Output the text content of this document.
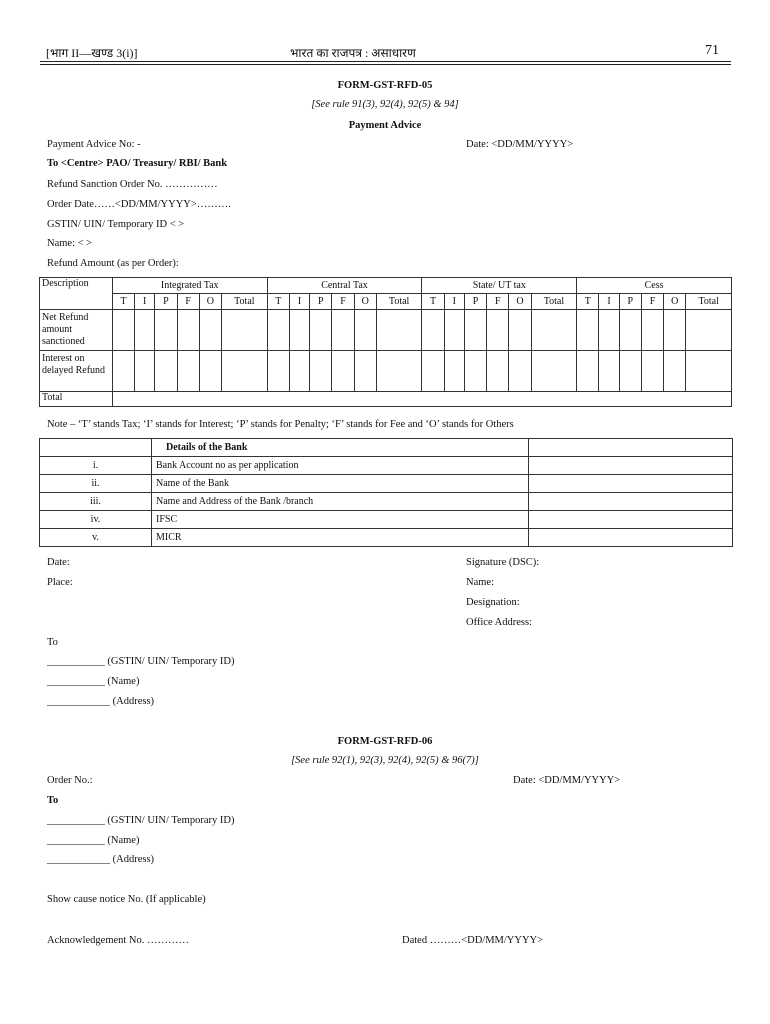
[भाग II—खण्ड 3(i)]	भारत का राजपत्र : असाधारण	71
FORM-GST-RFD-05
[See rule 91(3), 92(4), 92(5) & 94]
Payment Advice
Payment Advice No: -	Date: <DD/MM/YYYY>
To <Centre> PAO/ Treasury/ RBI/ Bank
Refund Sanction Order No. ……………
Order Date……<DD/MM/YYYY>……….
GSTIN/ UIN/ Temporary ID < >
Name: < >
Refund Amount (as per Order):
Description	Integrated Tax						Central Tax						State/ UT tax						Cess					
	T	I	P	F	O	Total	T	I	P	F	O	Total	T	I	P	F	O	Total	T	I	P	F	O	Total
Net Refund amount sanctioned																								
Interest on delayed Refund																								
Total																								
Note – ‘T’ stands Tax; ‘I’ stands for Interest; ‘P’ stands for Penalty; ‘F’ stands for Fee and ‘O’ stands for Others
	Details of the Bank	
i.	Bank Account no as per application	
ii.	Name of the Bank	
iii.	Name and Address of the Bank /branch	
iv.	IFSC	
v.	MICR	
Date:
Place:
Signature (DSC):
Name:
Designation:
Office Address:
To
___________ (GSTIN/ UIN/ Temporary ID)
___________ (Name)
____________ (Address)
FORM-GST-RFD-06
[See rule 92(1), 92(3), 92(4), 92(5) & 96(7)]
Order No.:	Date: <DD/MM/YYYY>
To
___________ (GSTIN/ UIN/ Temporary ID)
___________ (Name)
____________ (Address)
Show cause notice No. (If applicable)
Acknowledgement No. …………	Dated ………<DD/MM/YYYY>
